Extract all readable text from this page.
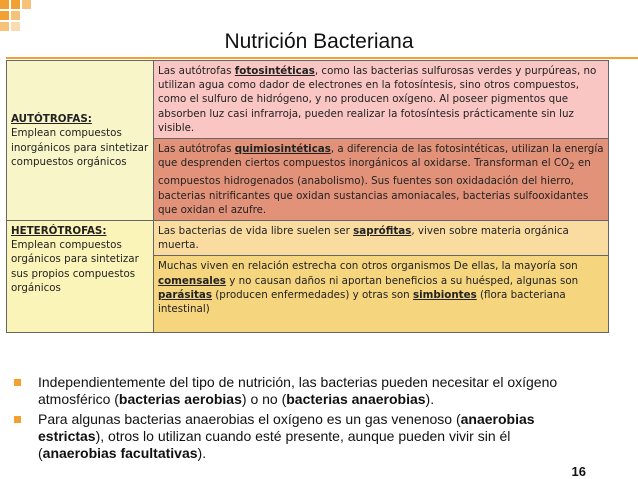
Nutrición Bacteriana
AUTÓTROFAS:
Emplean compuestos inorgánicos para sintetizar compuestos orgánicos	Las autótrofas fotosintéticas, como las bacterias sulfurosas verdes y purpúreas, no utilizan agua como dador de electrones en la fotosíntesis, sino otros compuestos, como el sulfuro de hidrógeno, y no producen oxígeno. Al poseer pigmentos que absorben luz casi infrarroja, pueden realizar la fotosíntesis prácticamente sin luz visible.
	Las autótrofas quimiosintéticas, a diferencia de las fotosintéticas, utilizan la energía que desprenden ciertos compuestos inorgánicos al oxidarse. Transforman el $CO_2$ en compuestos hidrogenados (anabolismo). Sus fuentes son oxidadación del hierro, bacterias nitrificantes que oxidan sustancias amoniacales, bacterias sulfooxidantes que oxidan el azufre.

HETERÓTROFAS:
Emplean compuestos orgánicos para sintetizar sus propios compuestos orgánicos	Las bacterias de vida libre suelen ser saprófitas, viven sobre materia orgánica muerta.
	Muchas viven en relación estrecha con otros organismos De ellas, la mayoría son comensales y no causan daños ni aportan beneficios a su huésped, algunas son parásitas (producen enfermedades) y otras son simbiontes (flora bacteriana intestinal)
Independientemente del tipo de nutrición, las bacterias pueden necesitar el oxígeno atmosférico (bacterias aerobias) o no (bacterias anaerobias).
Para algunas bacterias anaerobias el oxígeno es un gas venenoso (anaerobias estrictas), otros lo utilizan cuando esté presente, aunque pueden vivir sin él (anaerobias facultativas).
16
